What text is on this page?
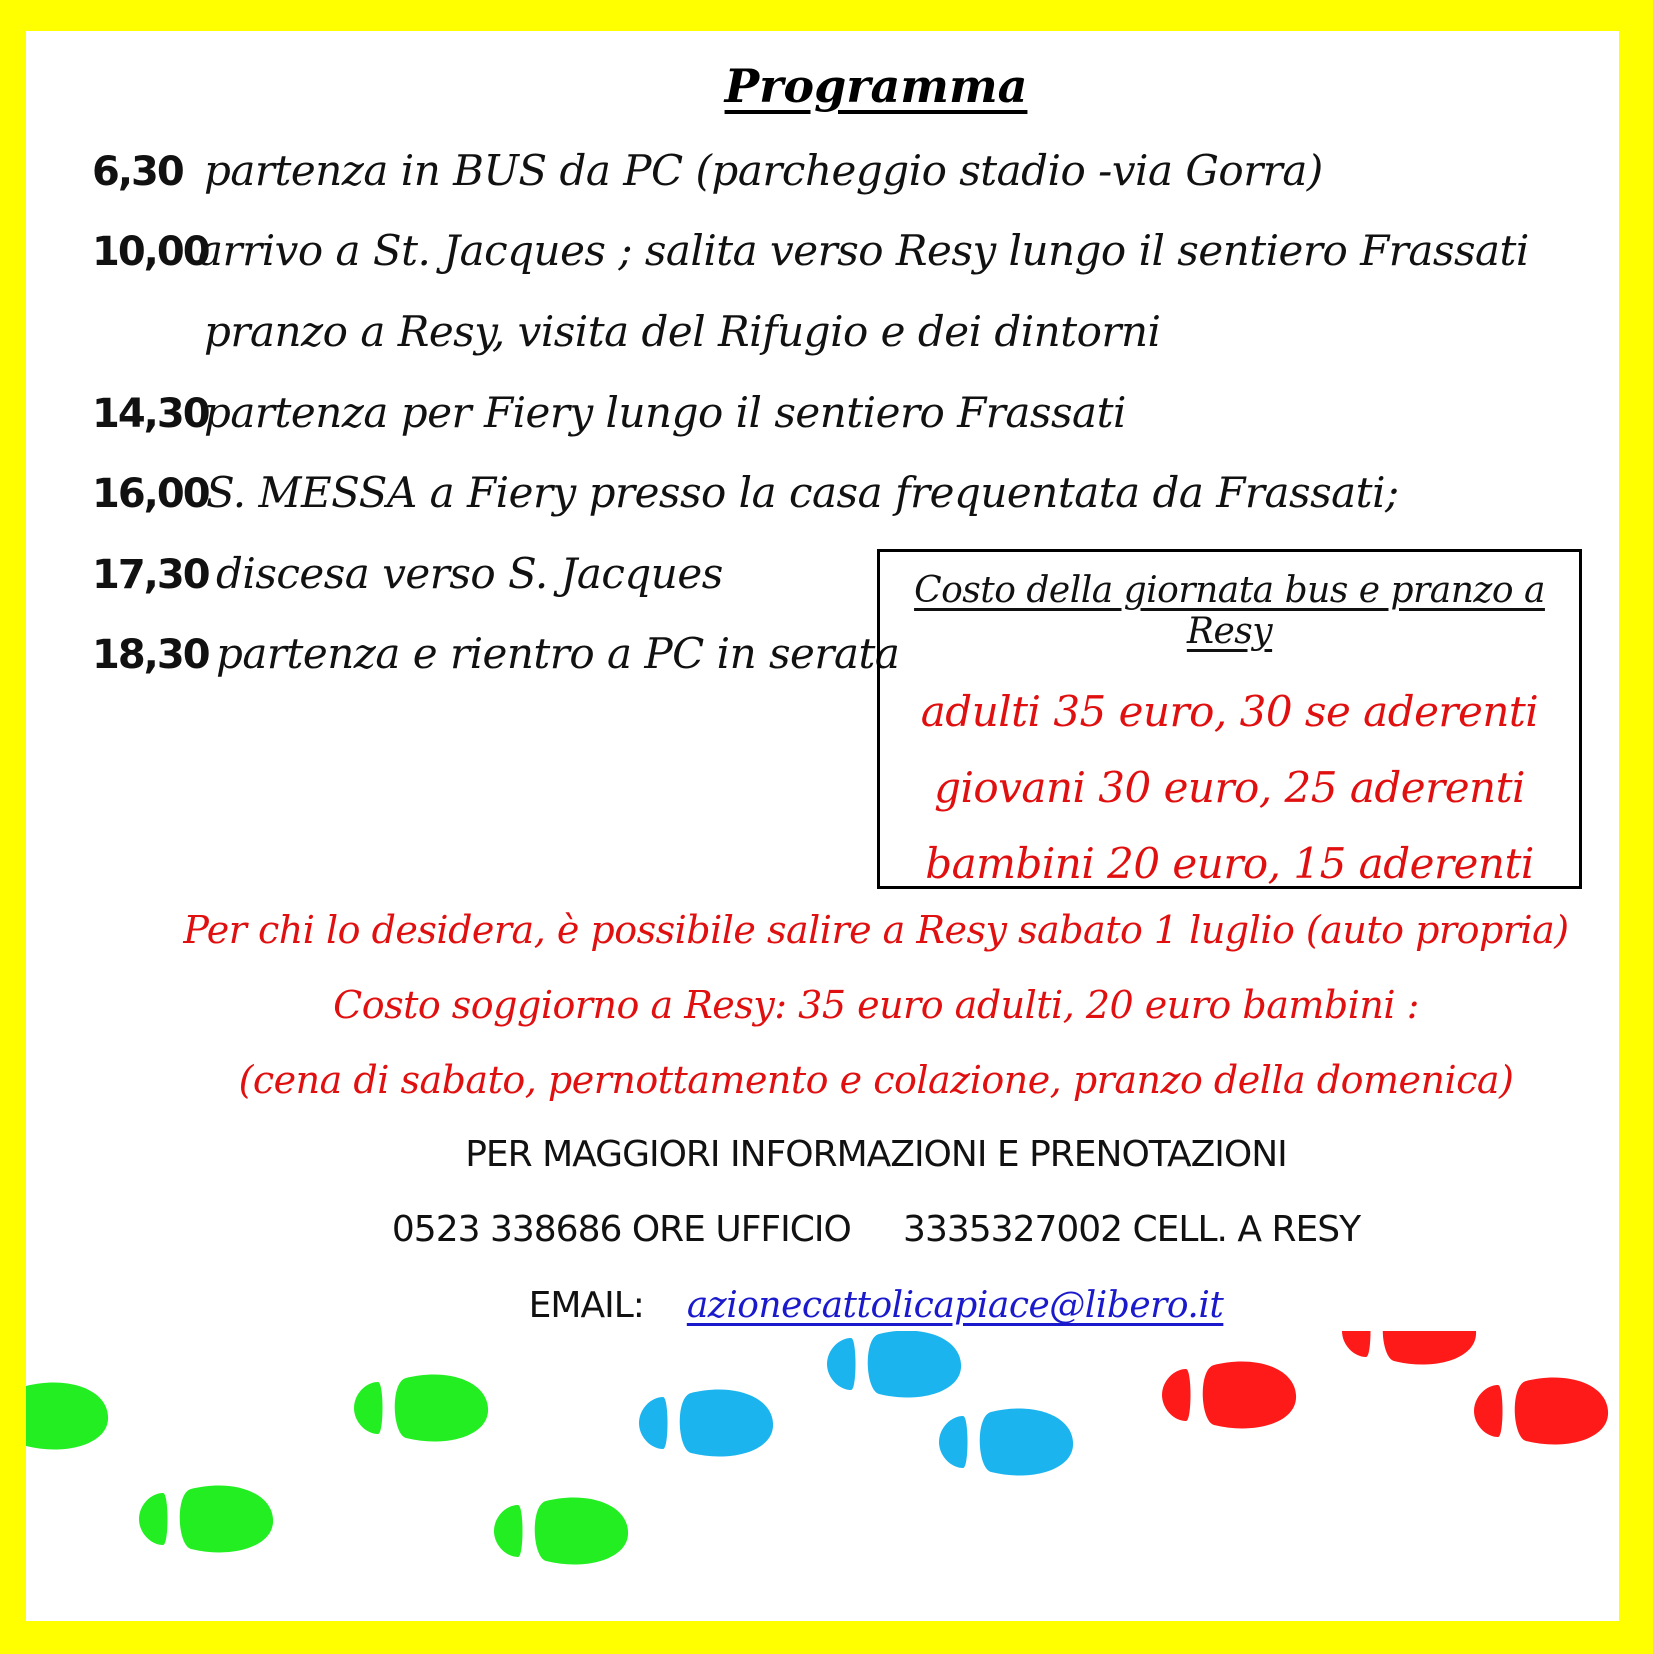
Programma
6,30 partenza in BUS da PC (parcheggio stadio -via Gorra)
10,00
arrivo a St. Jacques ; salita verso Resy lungo il sentiero Frassati
pranzo a Resy, visita del Rifugio e dei dintorni
14,30
partenza per Fiery lungo il sentiero Frassati
16,00
S. MESSA a Fiery presso la casa frequentata da Frassati;
17,30 discesa verso S. Jacques
18,30 partenza e rientro a PC in serata
Costo della giornata bus e pranzo a Resy
adulti 35 euro, 30 se aderenti
giovani 30 euro, 25 aderenti
bambini 20 euro, 15 aderenti
Per chi lo desidera, è possibile salire a Resy sabato 1 luglio (auto propria)
Costo soggiorno a Resy: 35 euro adulti, 20 euro bambini :
(cena di sabato, pernottamento e colazione, pranzo della domenica)
PER MAGGIORI INFORMAZIONI E PRENOTAZIONI
0523 338686 ORE UFFICIO     3335327002 CELL. A RESY
EMAIL: azionecattolicapiace@libero.it
